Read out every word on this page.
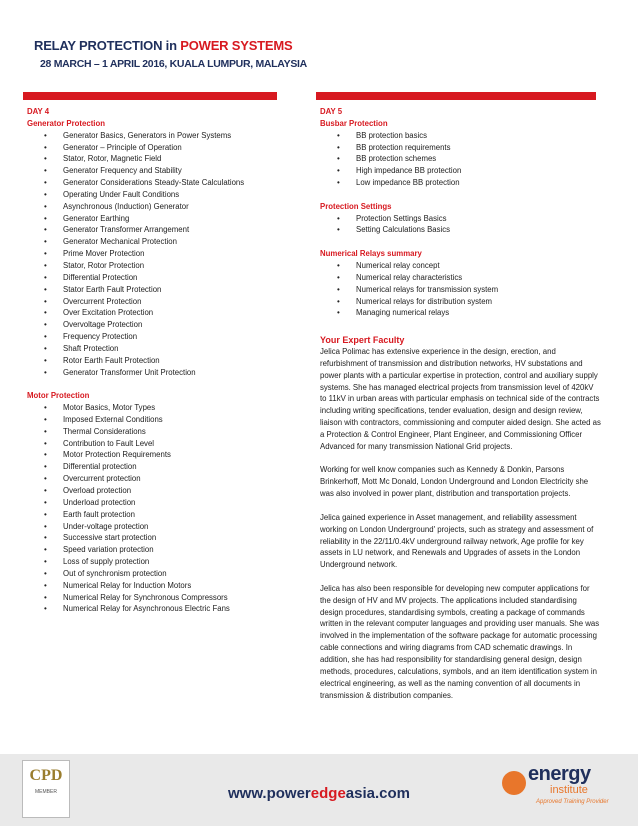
RELAY PROTECTION in POWER SYSTEMS
28 MARCH – 1 APRIL 2016, KUALA LUMPUR, MALAYSIA
DAY 4
Generator Protection
• Generator Basics, Generators in Power Systems
• Generator – Principle of Operation
• Stator, Rotor, Magnetic Field
• Generator Frequency and Stability
• Generator Considerations Steady-State Calculations
• Operating Under Fault Conditions
• Asynchronous (Induction) Generator
• Generator Earthing
• Generator Transformer Arrangement
• Generator Mechanical Protection
• Prime Mover Protection
• Stator, Rotor Protection
• Differential Protection
• Stator Earth Fault Protection
• Overcurrent Protection
• Over Excitation Protection
• Overvoltage Protection
• Frequency Protection
• Shaft Protection
• Rotor Earth Fault Protection
• Generator Transformer Unit Protection
Motor Protection
• Motor Basics, Motor Types
• Imposed External Conditions
• Thermal Considerations
• Contribution to Fault Level
• Motor Protection Requirements
• Differential protection
• Overcurrent protection
• Overload protection
• Underload protection
• Earth fault protection
• Under-voltage protection
• Successive start protection
• Speed variation protection
• Loss of supply protection
• Out of synchronism protection
• Numerical Relay for Induction Motors
• Numerical Relay for Synchronous Compressors
• Numerical Relay for Asynchronous Electric Fans
DAY 5
Busbar Protection
• BB protection basics
• BB protection requirements
• BB protection schemes
• High impedance BB protection
• Low impedance BB protection
Protection Settings
• Protection Settings Basics
• Setting Calculations Basics
Numerical Relays summary
• Numerical relay concept
• Numerical relay characteristics
• Numerical relays for transmission system
• Numerical relays for distribution system
• Managing numerical relays
Your Expert Faculty

Jelica Polimac has extensive experience in the design, erection, and refurbishment of transmission and distribution networks, HV substations and power plants with a particular expertise in protection, control and auxiliary supply systems. She has managed electrical projects from transmission level of 420kV to 11kV in urban areas with particular emphasis on technical side of the contracts including writing specifications, tender evaluation, design and design review, liaison with contractors, commissioning and computer aided design. She acted as a Protection & Control Engineer, Plant Engineer, and Commissioning Officer Advanced for many transmission National Grid projects.

Working for well know companies such as Kennedy & Donkin, Parsons Brinkerhoff, Mott Mc Donald, London Underground and London Electricity she was also involved in power plant, distribution and transportation projects.

Jelica gained experience in Asset management, and reliability assessment working on London Underground' projects, such as strategy and assessment of reliability in the 22/11/0.4kV underground railway network, Age profile for key assets in LU network, and Renewals and Upgrades of assets in the London Underground network.

Jelica has also been responsible for developing new computer applications for the design of HV and MV projects. The applications included standardising design procedures, standardising symbols, creating a package of commands written in the relevant computer languages and providing user manuals. She was involved in the implementation of the software package for automatic processing cable connections and wiring diagrams from CAD schematic drawings. In addition, she has had responsibility for standardising general design, design methods, procedures, calculations, symbols, and an item identification system in electrical engineering, as well as the naming convention of all documents in transmission & distribution companies.

CPD
MEMBER	www.poweredgeasia.com
energy
institute
Approved Training Provider
